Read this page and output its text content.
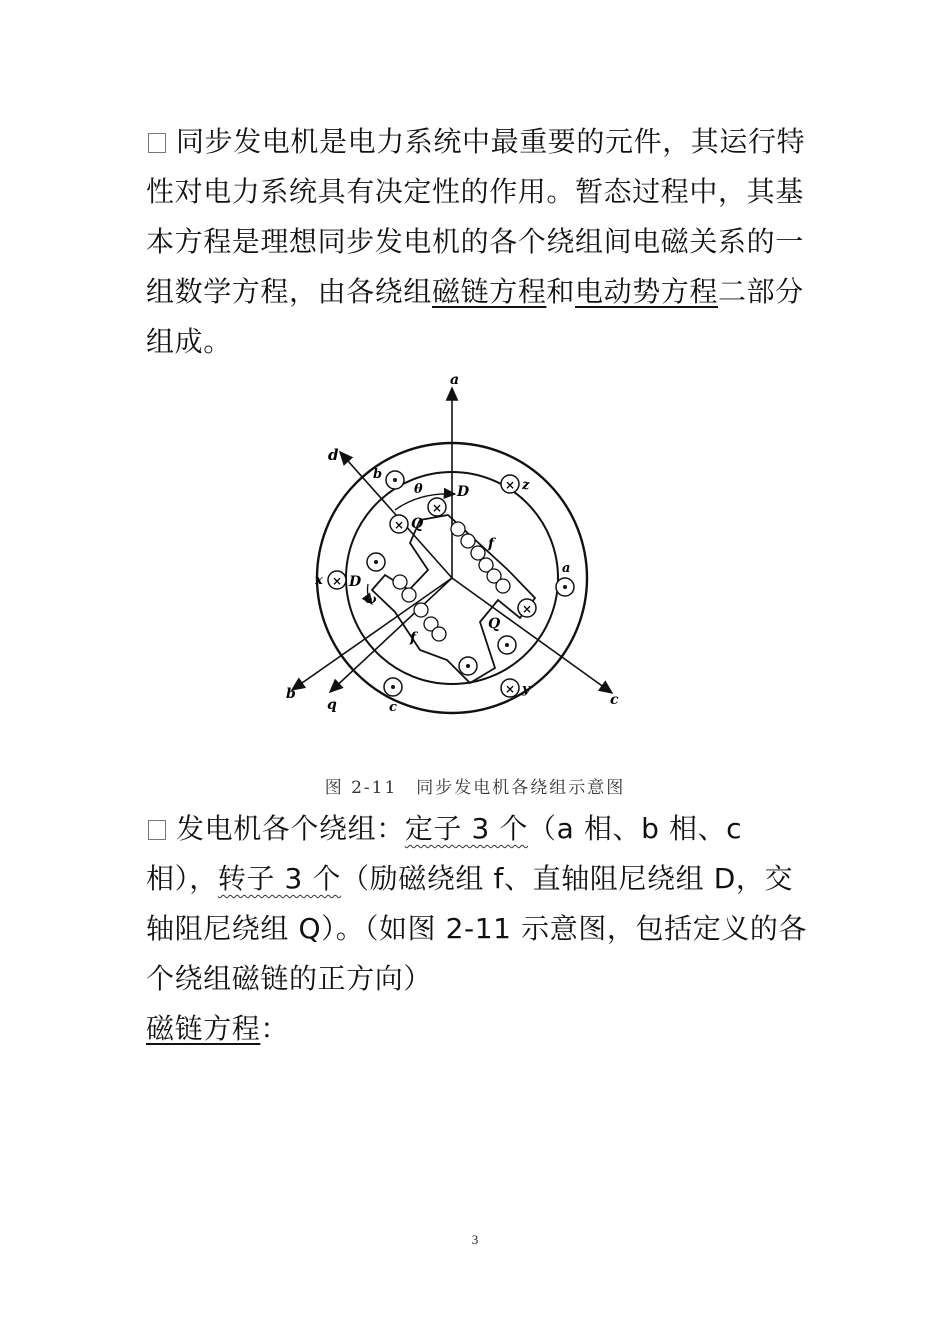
同步发电机是电力系统中最重要的元件，其运行特性对电力系统具有决定性的作用。暂态过程中，其基本方程是理想同步发电机的各个绕组间电磁关系的一组数学方程，由各绕组磁链方程和电动势方程二部分组成。
×
×
×
×
×
×
a
d
b
q	c
b
z
a
x
y
c
D
D
Q
Q
f
f
θ
ω
图 2-11　同步发电机各绕组示意图
发电机各个绕组：定子 3 个（a 相、b 相、c 相），转子 3 个（励磁绕组 f、直轴阻尼绕组 D，交轴阻尼绕组 Q）。（如图 2-11 示意图，包括定义的各个绕组磁链的正方向）
磁链方程：
3
